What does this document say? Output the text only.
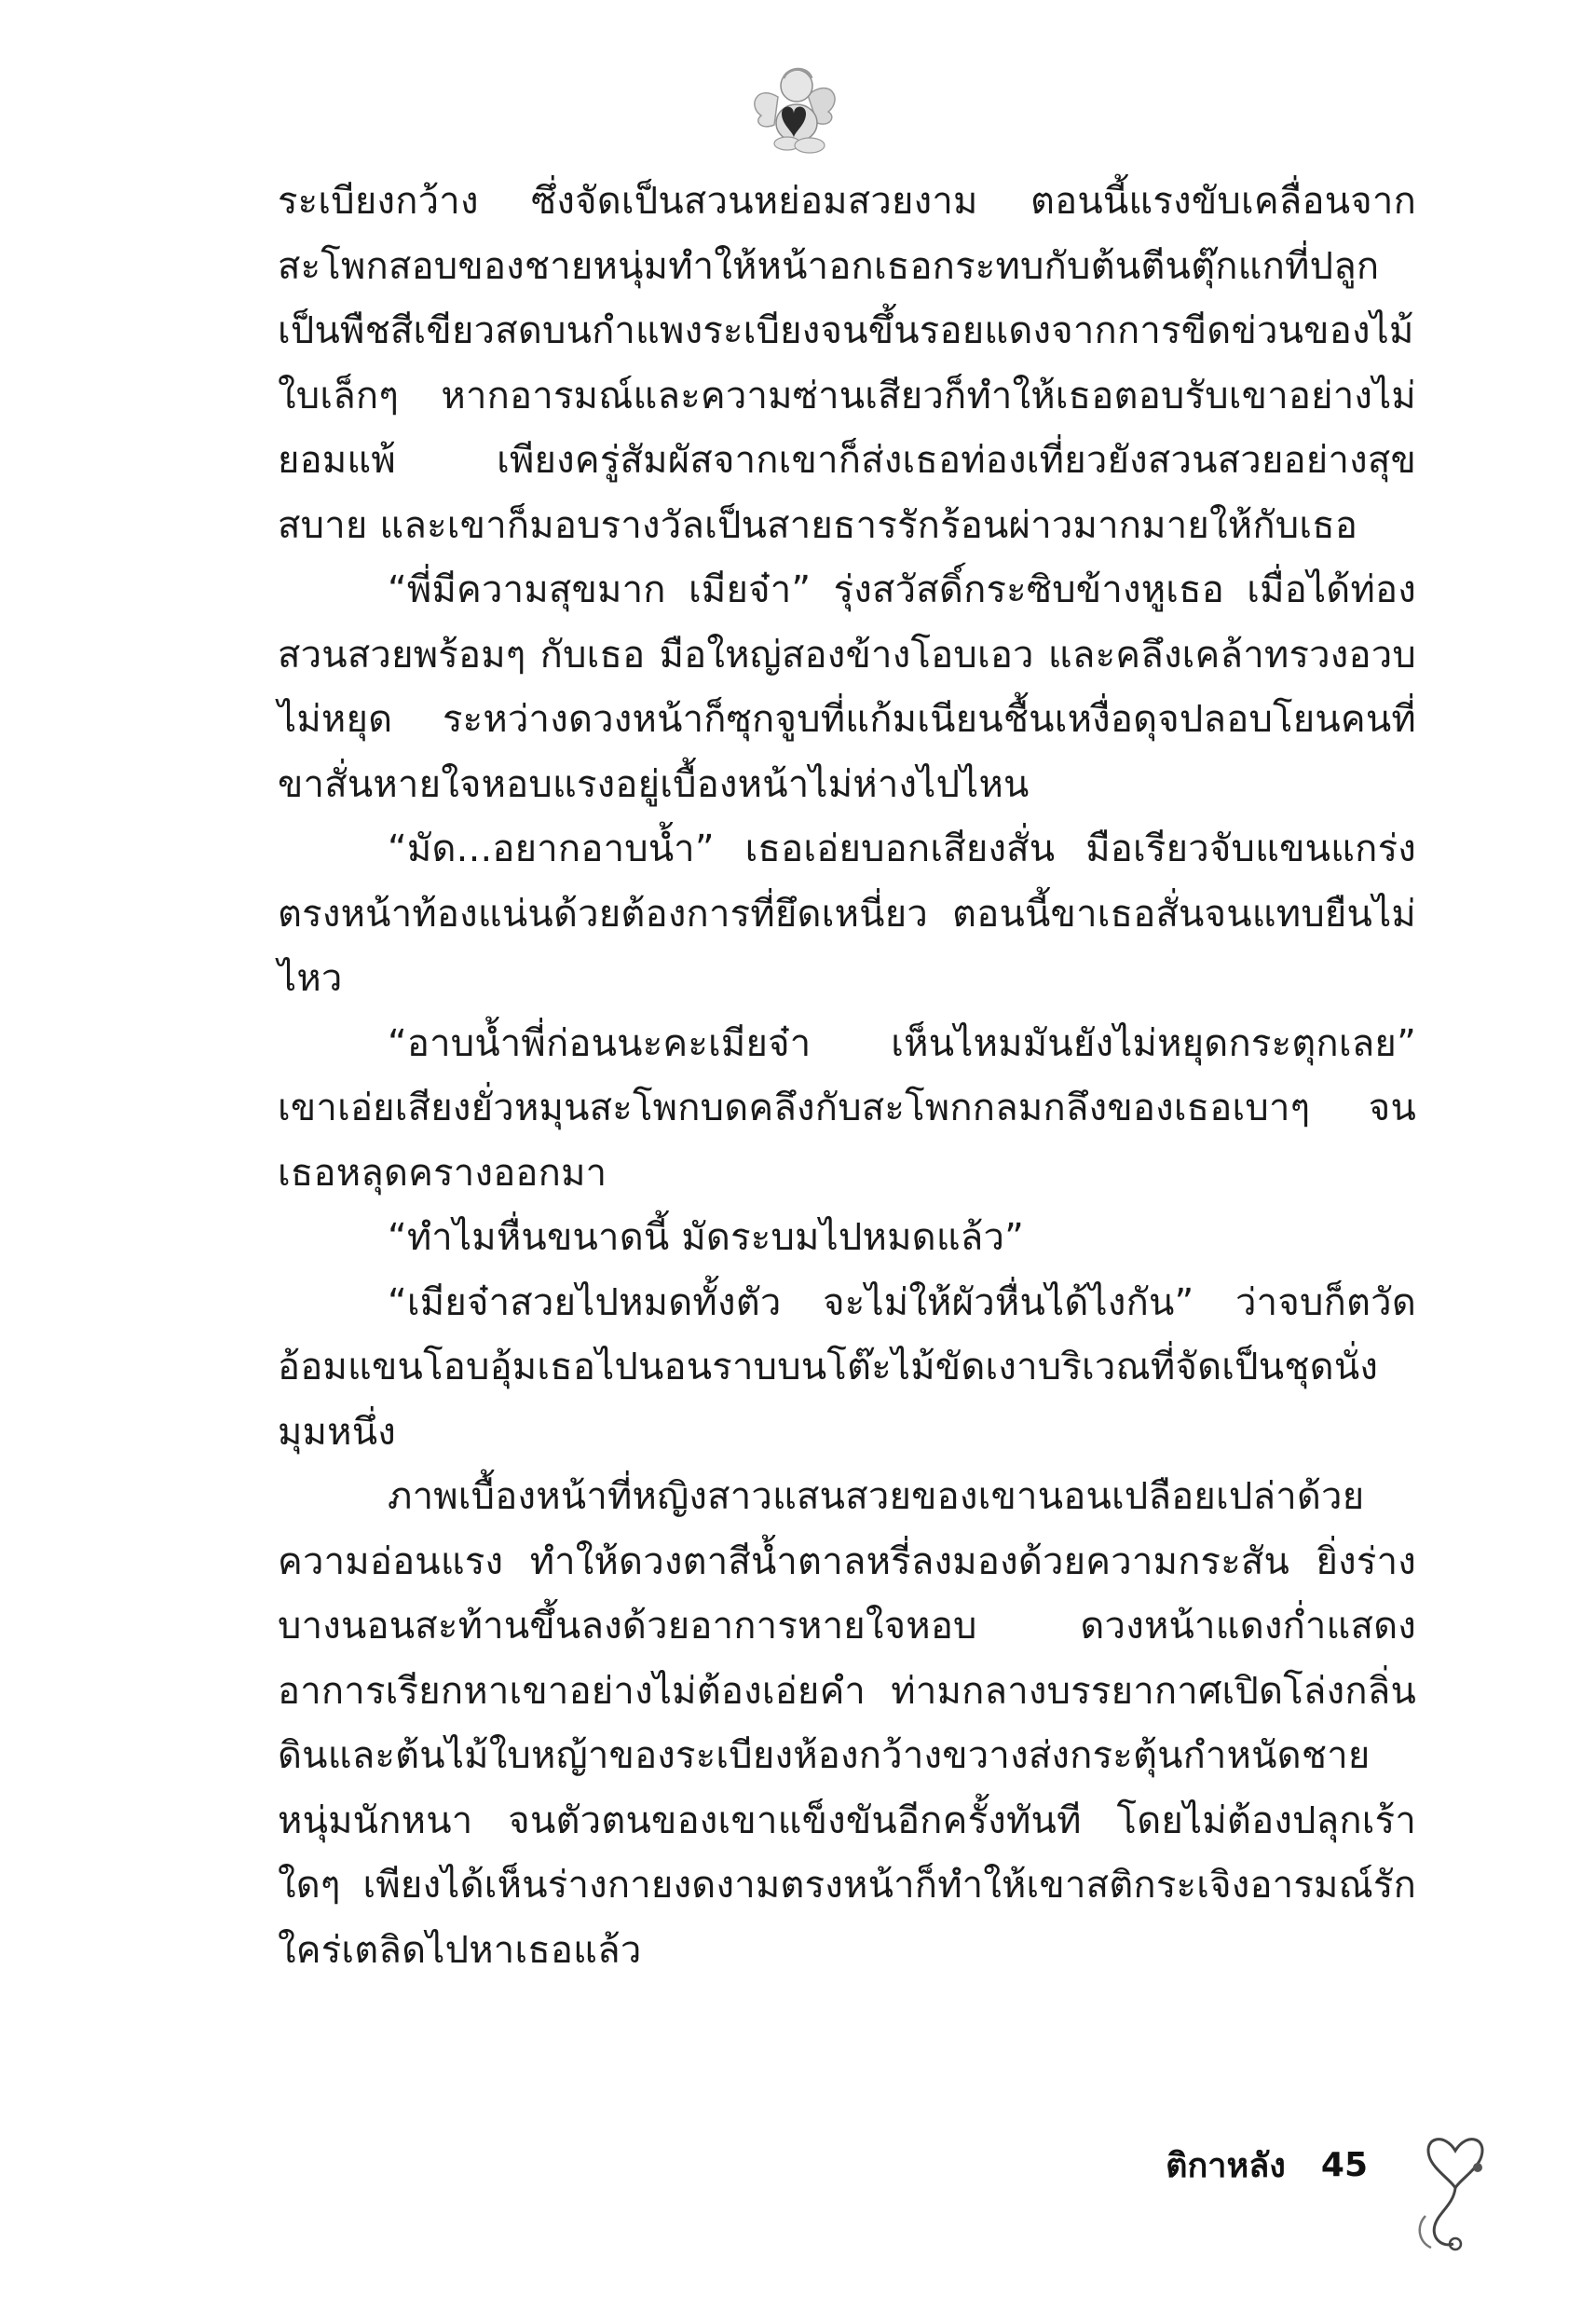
ระเบียงกว้าง ซึ่งจัดเป็นสวนหย่อมสวยงาม ตอนนี้แรงขับเคลื่อนจากสะโพกสอบของชายหนุ่มทำให้หน้าอกเธอกระทบกับต้นตีนตุ๊กแกที่ปลูกเป็นพืชสีเขียวสดบนกำแพงระเบียงจนขึ้นรอยแดงจากการขีดข่วนของไม้ใบเล็กๆ หากอารมณ์และความซ่านเสียวก็ทำให้เธอตอบรับเขาอย่างไม่ยอมแพ้ เพียงครู่สัมผัสจากเขาก็ส่งเธอท่องเที่ยวยังสวนสวยอย่างสุขสบาย และเขาก็มอบรางวัลเป็นสายธารรักร้อนผ่าวมากมายให้กับเธอ

“พี่มีความสุขมาก เมียจ๋า” รุ่งสวัสดิ์กระซิบข้างหูเธอ เมื่อได้ท่องสวนสวยพร้อมๆ กับเธอ มือใหญ่สองข้างโอบเอว และคลึงเคล้าทรวงอวบไม่หยุด ระหว่างดวงหน้าก็ซุกจูบที่แก้มเนียนชื้นเหงื่อดุจปลอบโยนคนที่ขาสั่นหายใจหอบแรงอยู่เบื้องหน้าไม่ห่างไปไหน

“มัด...อยากอาบน้ำ” เธอเอ่ยบอกเสียงสั่น มือเรียวจับแขนแกร่งตรงหน้าท้องแน่นด้วยต้องการที่ยึดเหนี่ยว ตอนนี้ขาเธอสั่นจนแทบยืนไม่ไหว

“อาบน้ำพี่ก่อนนะคะเมียจ๋า เห็นไหมมันยังไม่หยุดกระตุกเลย” เขาเอ่ยเสียงยั่วหมุนสะโพกบดคลึงกับสะโพกกลมกลึงของเธอเบาๆ จนเธอหลุดครางออกมา

“ทำไมหื่นขนาดนี้ มัดระบมไปหมดแล้ว”

“เมียจ๋าสวยไปหมดทั้งตัว จะไม่ให้ผัวหื่นได้ไงกัน” ว่าจบก็ตวัดอ้อมแขนโอบอุ้มเธอไปนอนราบบนโต๊ะไม้ขัดเงาบริเวณที่จัดเป็นชุดนั่งมุมหนึ่ง

ภาพเบื้องหน้าที่หญิงสาวแสนสวยของเขานอนเปลือยเปล่าด้วยความอ่อนแรง ทำให้ดวงตาสีน้ำตาลหรี่ลงมองด้วยความกระสัน ยิ่งร่างบางนอนสะท้านขึ้นลงด้วยอาการหายใจหอบ ดวงหน้าแดงก่ำแสดงอาการเรียกหาเขาอย่างไม่ต้องเอ่ยคำ ท่ามกลางบรรยากาศเปิดโล่งกลิ่นดินและต้นไม้ใบหญ้าของระเบียงห้องกว้างขวางส่งกระตุ้นกำหนัดชายหนุ่มนักหนา จนตัวตนของเขาแข็งขันอีกครั้งทันที โดยไม่ต้องปลุกเร้าใดๆ เพียงได้เห็นร่างกายงดงามตรงหน้าก็ทำให้เขาสติกระเจิงอารมณ์รักใคร่เตลิดไปหาเธอแล้ว

ติกาหลัง 45
